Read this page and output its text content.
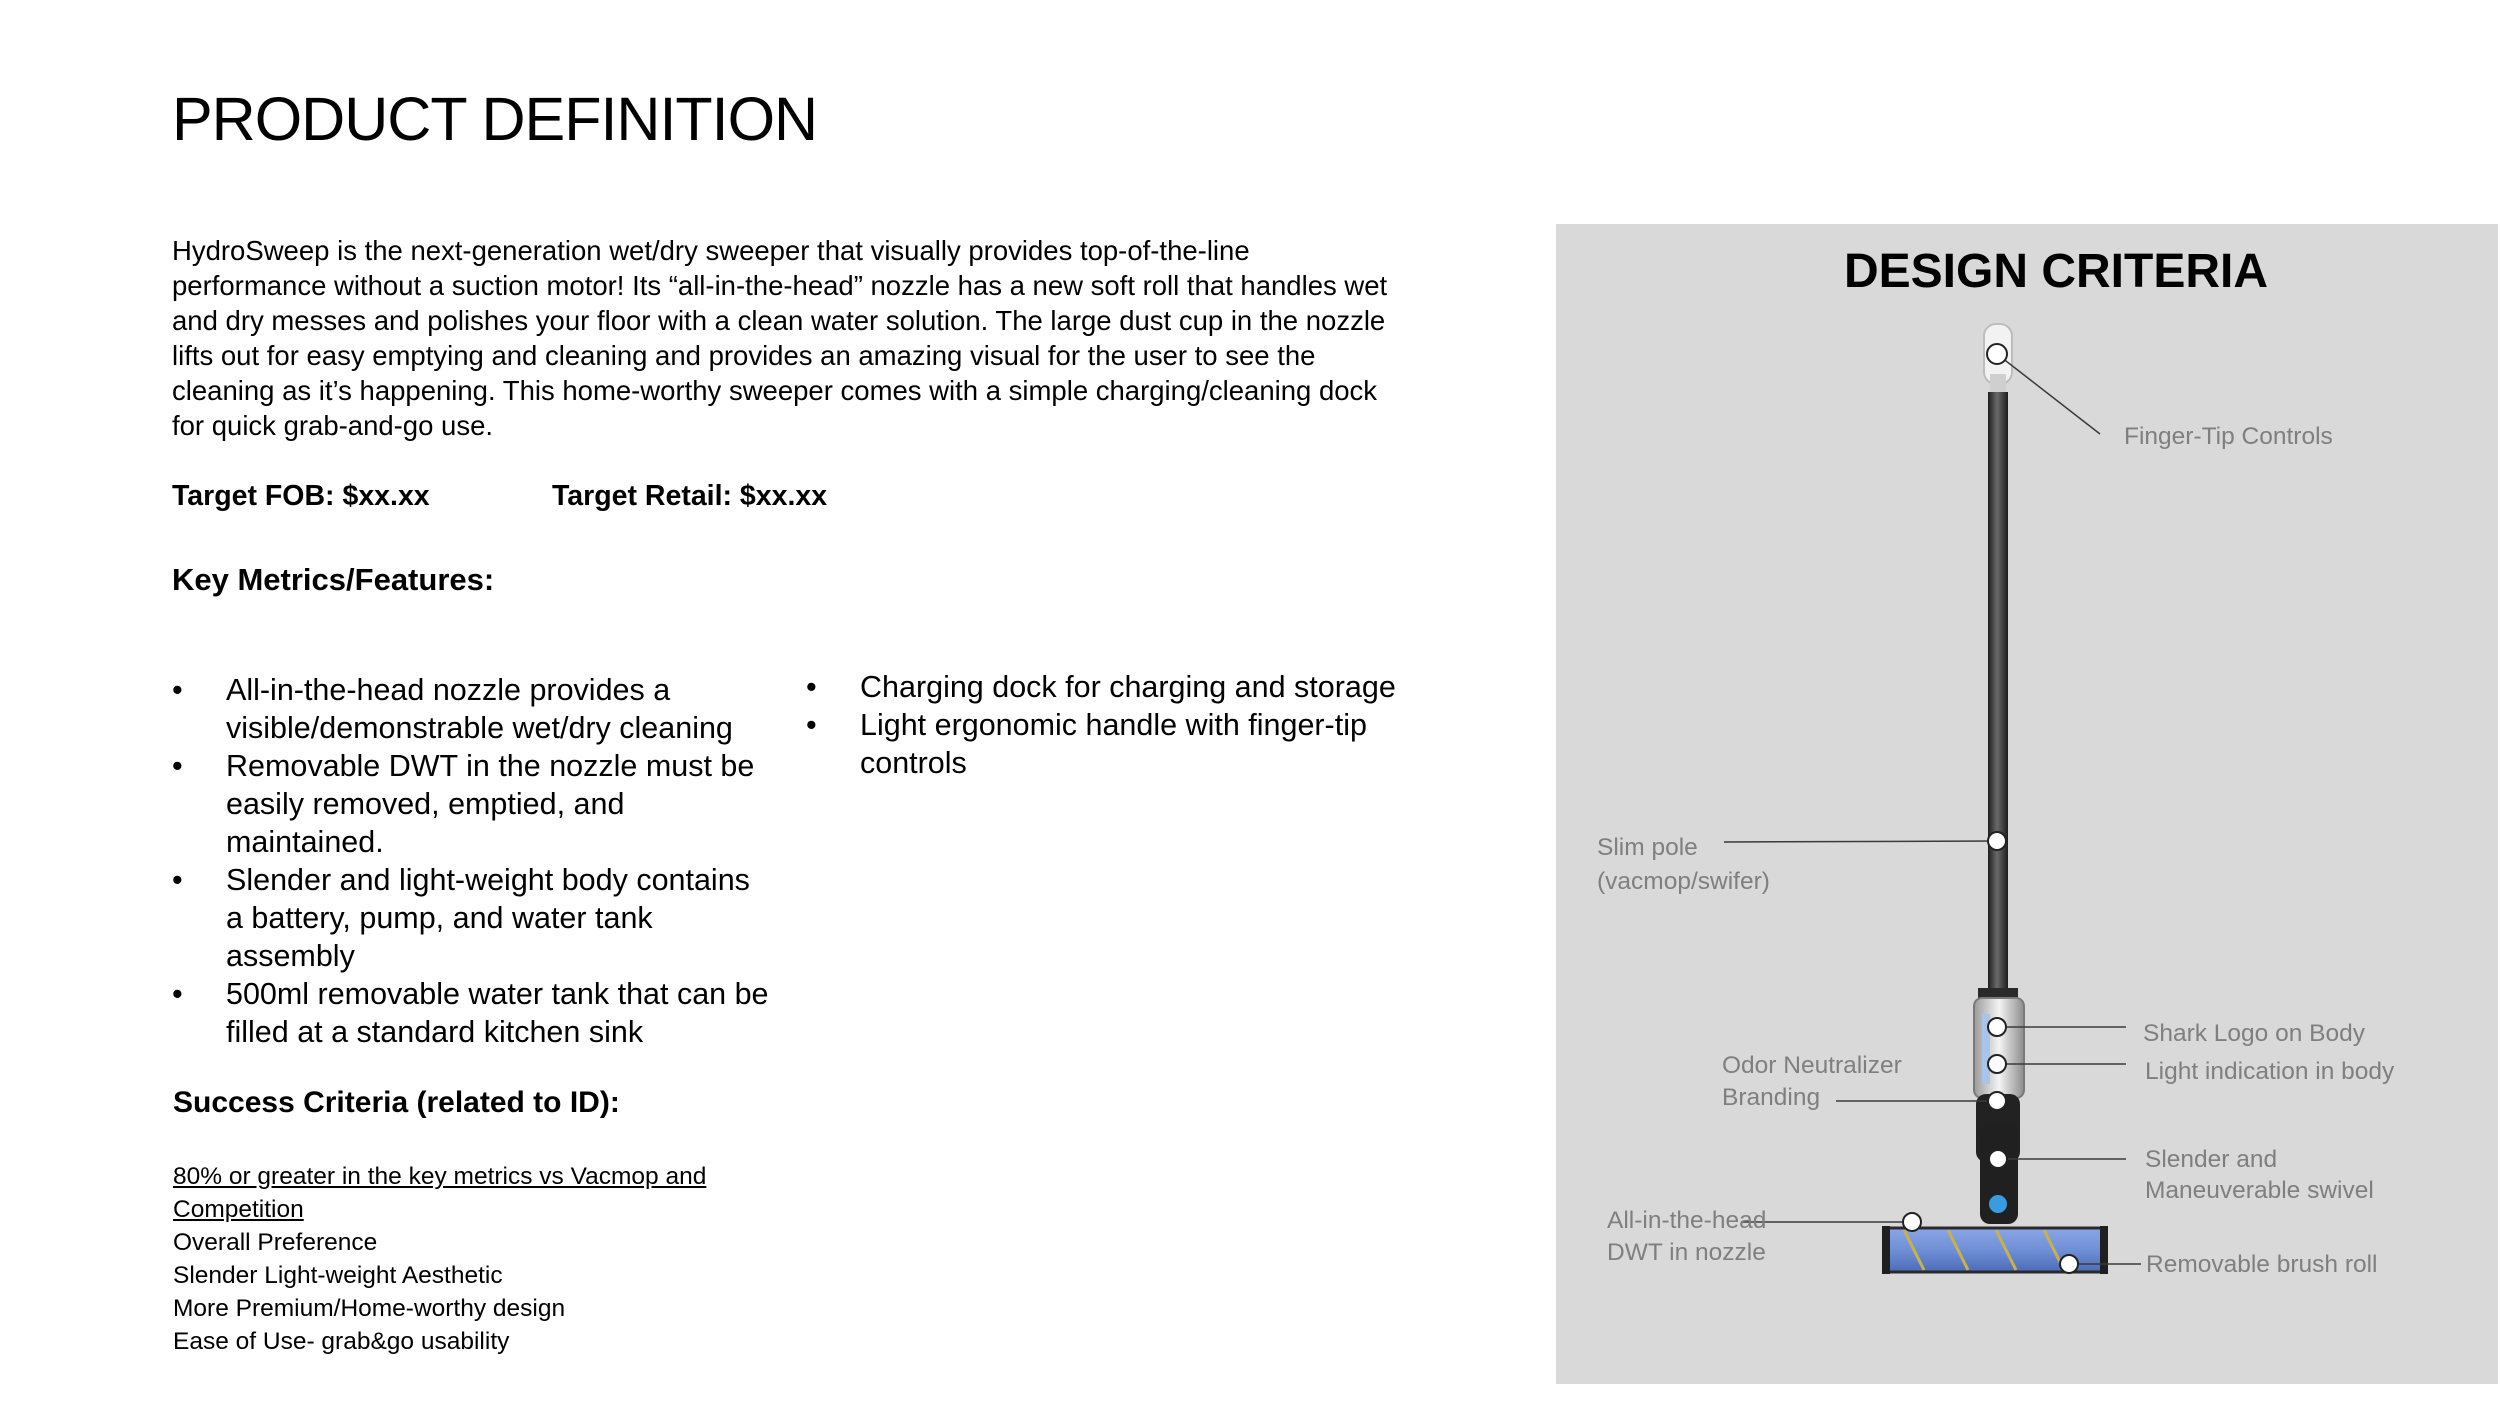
PRODUCT DEFINITION

HydroSweep is the next-generation wet/dry sweeper that visually provides top-of-the-line performance without a suction motor! Its “all-in-the-head” nozzle has a new soft roll that handles wet and dry messes and polishes your floor with a clean water solution. The large dust cup in the nozzle lifts out for easy emptying and cleaning and provides an amazing visual for the user to see the cleaning as it’s happening. This home-worthy sweeper comes with a simple charging/cleaning dock for quick grab-and-go use.

Target FOB: $xx.xx	Target Retail: $xx.xx
Key Metrics/Features:
• All-in-the-head nozzle provides a visible/demonstrable wet/dry cleaning
• Removable DWT in the nozzle must be easily removed, emptied, and maintained.
• Slender and light-weight body contains a battery, pump, and water tank assembly
• 500ml removable water tank that can be filled at a standard kitchen sink
• Charging dock for charging and storage
• Light ergonomic handle with finger-tip controls
Success Criteria (related to ID):
80% or greater in the key metrics vs Vacmop and Competition
Overall Preference
Slender Light-weight Aesthetic
More Premium/Home-worthy design
Ease of Use- grab&go usability
DESIGN CRITERIA
Finger-Tip Controls
Slim pole
(vacmop/swifer)
Shark Logo on Body
Light indication in body
Odor Neutralizer
Branding
Slender and
Maneuverable swivel
All-in-the-head
DWT in nozzle	Removable brush roll
